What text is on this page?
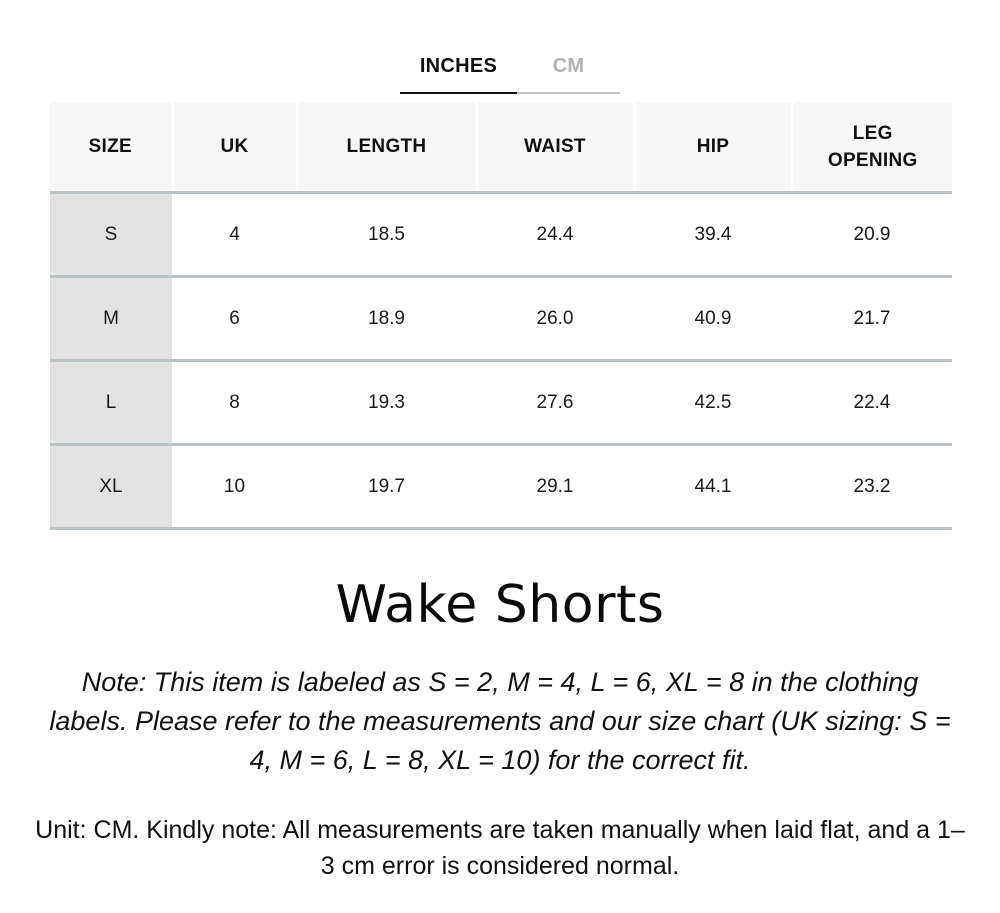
INCHES	CM
SIZE	UK	LENGTH	WAIST	HIP	LEG
OPENING
S	4	18.5	24.4	39.4	20.9
M	6	18.9	26.0	40.9	21.7
L	8	19.3	27.6	42.5	22.4
XL	10	19.7	29.1	44.1	23.2
Wake Shorts
Note: This item is labeled as S = 2, M = 4, L = 6, XL = 8 in the clothing labels. Please refer to the measurements and our size chart (UK sizing: S = 4, M = 6, L = 8, XL = 10) for the correct fit.
Unit: CM. Kindly note: All measurements are taken manually when laid flat, and a 1–3 cm error is considered normal.
